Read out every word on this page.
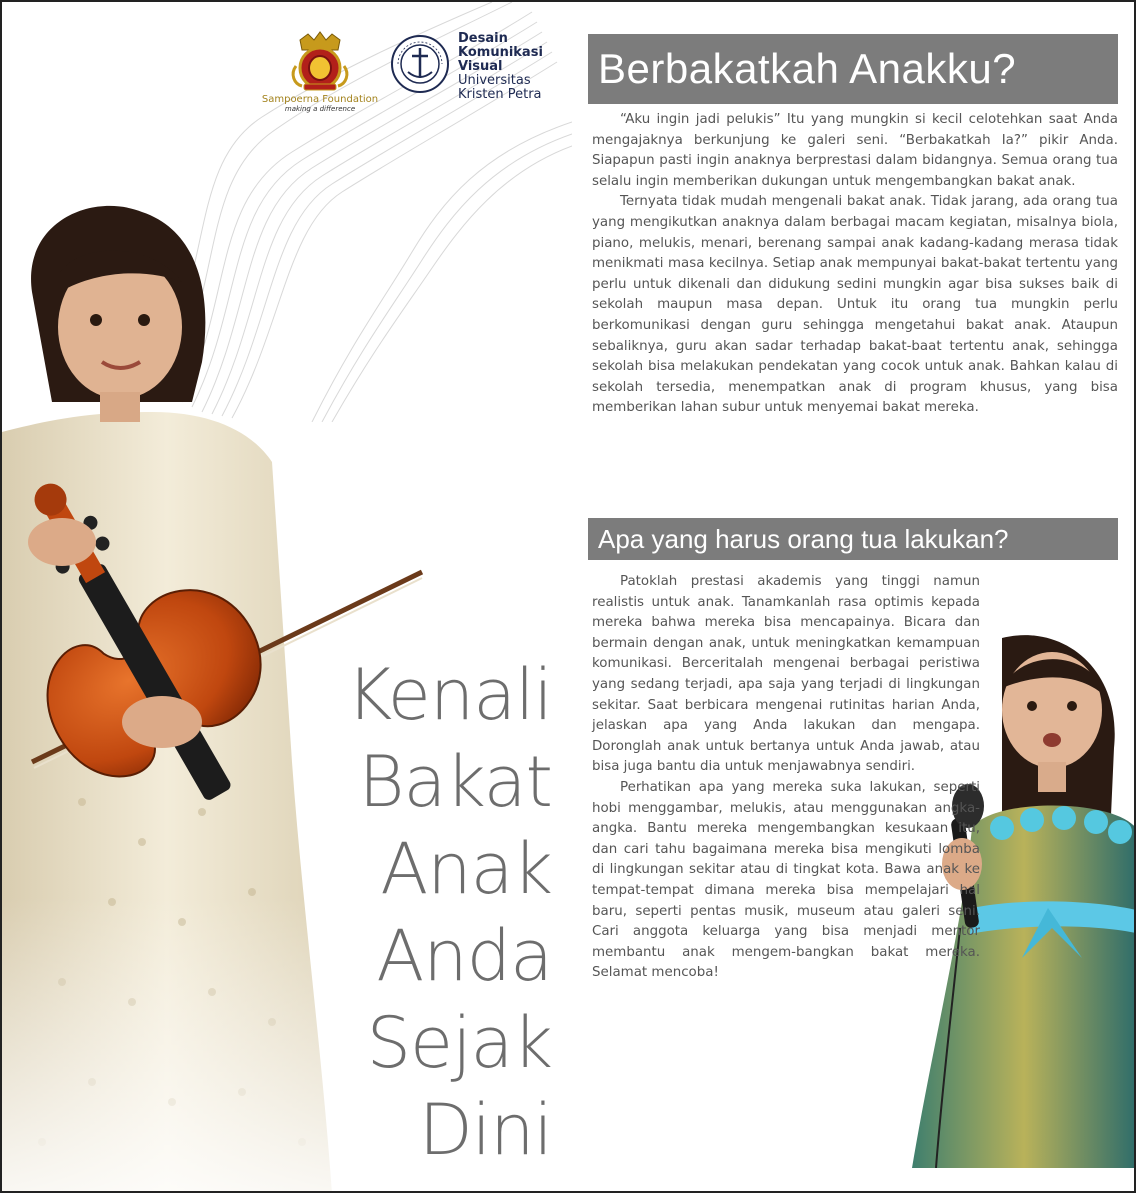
Sampoerna Foundation
making a difference
Desain
Komunikasi
Visual
Universitas
Kristen Petra
Berbakatkah Anakku?
Apa yang harus orang tua lakukan?

“Aku ingin jadi pelukis” Itu yang mungkin si kecil celotehkan saat Anda mengajaknya berkunjung ke galeri seni. “Berbakatkah Ia?” pikir Anda. Siapapun pasti ingin anaknya berprestasi dalam bidangnya. Semua orang tua selalu ingin memberikan dukungan untuk mengembangkan bakat anak.

Ternyata tidak mudah mengenali bakat anak. Tidak jarang, ada orang tua yang mengikutkan anaknya dalam berbagai macam kegiatan, misalnya biola, piano, melukis, menari, berenang sampai anak kadang-kadang merasa tidak menikmati masa kecilnya. Setiap anak mempunyai bakat-bakat tertentu yang perlu untuk dikenali dan didukung sedini mungkin agar bisa sukses baik di sekolah maupun masa depan. Untuk itu orang tua mungkin perlu berkomunikasi dengan guru sehingga mengetahui bakat anak. Ataupun sebaliknya, guru akan sadar terhadap bakat-baat tertentu anak, sehingga sekolah bisa melakukan pendekatan yang cocok untuk anak. Bahkan kalau di sekolah tersedia, menempatkan anak di program khusus, yang bisa memberikan lahan subur untuk menyemai bakat mereka.

Patoklah prestasi akademis yang tinggi namun realistis untuk anak. Tanamkanlah rasa optimis kepada mereka bahwa mereka bisa mencapainya. Bicara dan bermain dengan anak, untuk meningkatkan kemampuan komunikasi. Berceritalah mengenai berbagai peristiwa yang sedang terjadi, apa saja yang terjadi di lingkungan sekitar. Saat berbicara mengenai rutinitas harian Anda, jelaskan apa yang Anda lakukan dan mengapa. Doronglah anak untuk bertanya untuk Anda jawab, atau bisa juga bantu dia untuk menjawabnya sendiri.

Perhatikan apa yang mereka suka lakukan, seperti hobi menggambar, melukis, atau menggunakan angka-angka. Bantu mereka mengembangkan kesukaan itu, dan cari tahu bagaimana mereka bisa mengikuti lomba di lingkungan sekitar atau di tingkat kota. Bawa anak ke tempat-tempat dimana mereka bisa mempelajari hal baru, seperti pentas musik, museum atau galeri seni. Cari anggota keluarga yang bisa menjadi mentor membantu anak mengem-bangkan bakat mereka. Selamat mencoba!

Kenali
Bakat
Anak
Anda
Sejak
Dini
